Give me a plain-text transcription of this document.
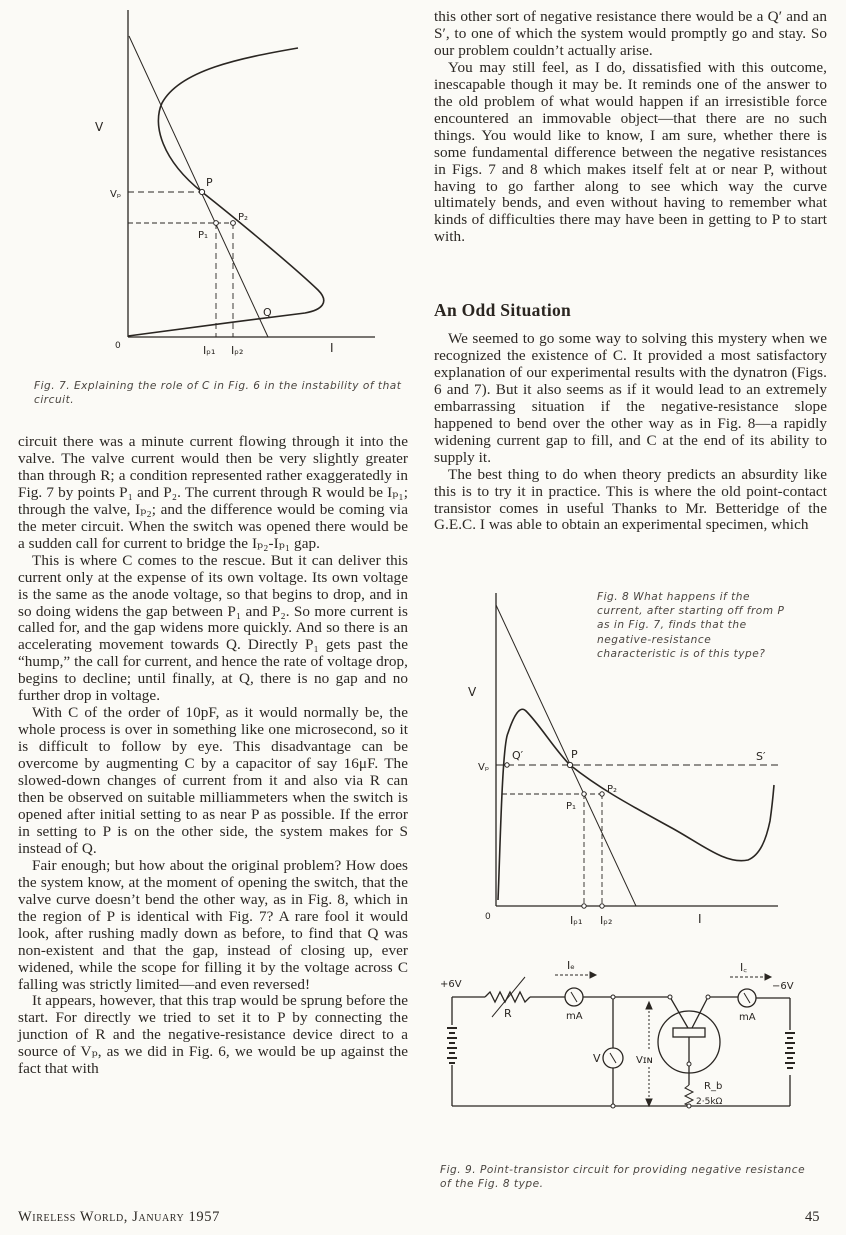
V
Vₚ
P
P₁
P₂
Q
0	Iₚ₁ Iₚ₂	I
Fig. 7. Explaining the role of C in Fig. 6 in the instability of that circuit.

circuit there was a minute current flowing through it into the valve. The valve current would then be very slightly greater than through R; a condition represented rather exaggeratedly in Fig. 7 by points P₁ and P₂. The current through R would be Iₚ₁; through the valve, Iₚ₂; and the difference would be coming via the meter circuit. When the switch was opened there would be a sudden call for current to bridge the Iₚ₂-Iₚ₁ gap.

This is where C comes to the rescue. But it can deliver this current only at the expense of its own voltage. Its own voltage is the same as the anode voltage, so that begins to drop, and in so doing widens the gap between P₁ and P₂. So more current is called for, and the gap widens more quickly. And so there is an accelerating movement towards Q. Directly P₁ gets past the “hump,” the call for current, and hence the rate of voltage drop, begins to decline; until finally, at Q, there is no gap and no further drop in voltage.

With C of the order of 10pF, as it would normally be, the whole process is over in something like one microsecond, so it is difficult to follow by eye. This disadvantage can be overcome by augmenting C by a capacitor of say 16μF. The slowed-down changes of current from it and also via R can then be observed on suitable milliammeters when the switch is opened after initial setting to as near P as possible. If the error in setting to P is on the other side, the system makes for S instead of Q.

Fair enough; but how about the original problem? How does the system know, at the moment of opening the switch, that the valve curve doesn’t bend the other way, as in Fig. 8, which in the region of P is identical with Fig. 7? A rare fool it would look, after rushing madly down as before, to find that Q was non-existent and that the gap, instead of closing up, ever widened, while the scope for filling it by the voltage across C falling was strictly limited—and even reversed!

It appears, however, that this trap would be sprung before the start. For directly we tried to set it to P by connecting the junction of R and the negative-resistance device direct to a source of Vₚ, as we did in Fig. 6, we would be up against the fact that with

this other sort of negative resistance there would be a Q′ and an S′, to one of which the system would promptly go and stay. So our problem couldn’t actually arise.

You may still feel, as I do, dissatisfied with this outcome, inescapable though it may be. It reminds one of the answer to the old problem of what would happen if an irresistible force encountered an immovable object—that there are no such things. You would like to know, I am sure, whether there is some fundamental difference between the negative resistances in Figs. 7 and 8 which makes itself felt at or near P, without having to go farther along to see which way the curve ultimately bends, and even without having to remember what kinds of difficulties there may have been in getting to P to start with.

An Odd Situation

We seemed to go some way to solving this mystery when we recognized the existence of C. It provided a most satisfactory explanation of our experimental results with the dynatron (Figs. 6 and 7). But it also seems as if it would lead to an extremely embarrassing situation if the negative-resistance slope happened to bend over the other way as in Fig. 8—a rapidly widening current gap to fill, and C at the end of its ability to supply it.

The best thing to do when theory predicts an absurdity like this is to try it in practice. This is where the old point-contact transistor comes in useful Thanks to Mr. Betteridge of the G.E.C. I was able to obtain an experimental specimen, which

V
Vₚ
Q′	P
P₁
P₂
S′
0	Iₚ₁ Iₚ₂	I
Fig. 8 What happens if the current, after starting off from P as in Fig. 7, finds that the negative-resistance characteristic is of this type?
+6V	−6V
R
Iₑ	I꜀
mA	mA
V	Vɪɴ
R_b
2·5kΩ
Fig. 9. Point-transistor circuit for providing negative resistance of the Fig. 8 type.
Wireless World, January 1957	45
